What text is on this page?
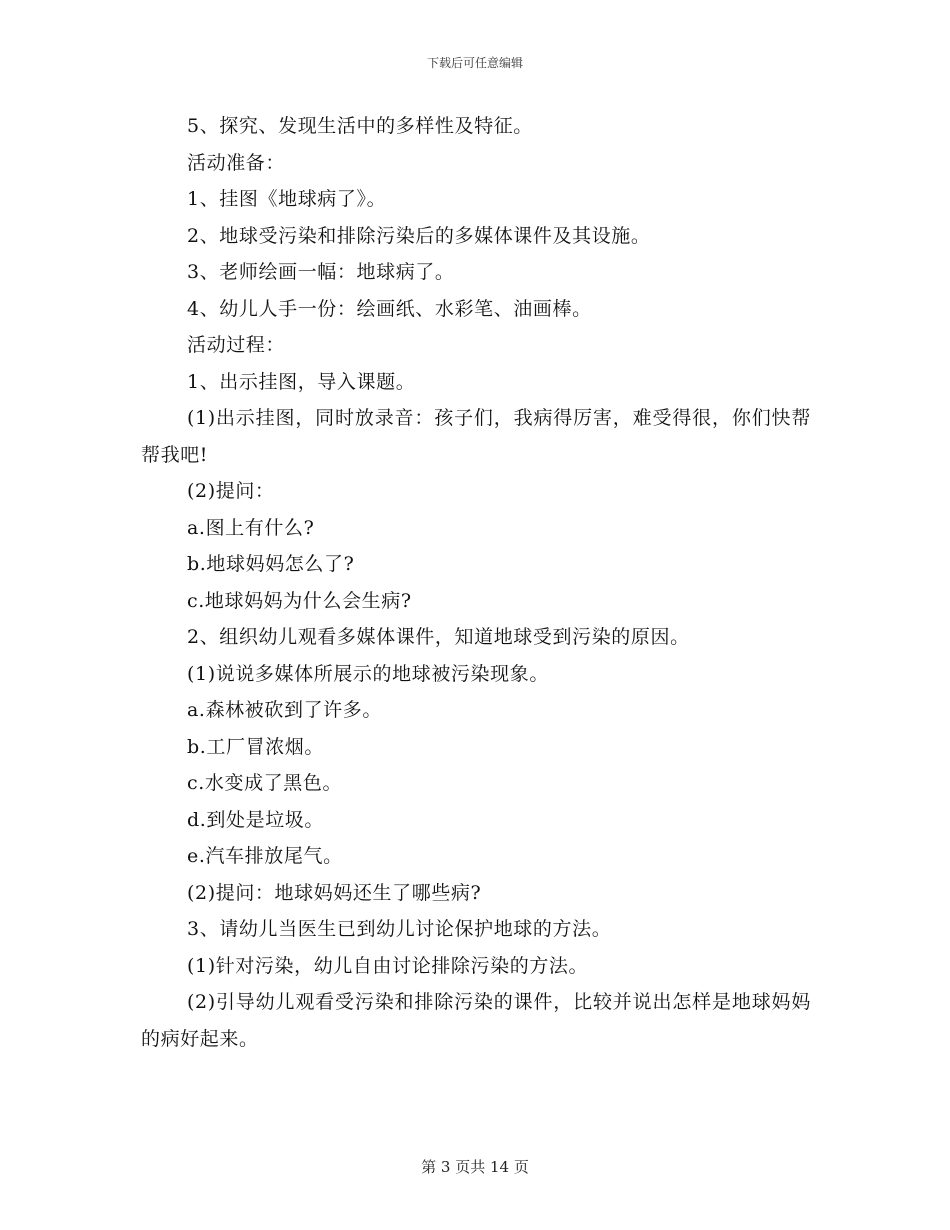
下载后可任意编辑
5、探究、发现生活中的多样性及特征。
活动准备：
1、挂图《地球病了》。
2、地球受污染和排除污染后的多媒体课件及其设施。
3、老师绘画一幅：地球病了。
4、幼儿人手一份：绘画纸、水彩笔、油画棒。
活动过程：
1、出示挂图，导入课题。
(1)出示挂图，同时放录音：孩子们，我病得厉害，难受得很，你们快帮帮我吧!
(2)提问：
a.图上有什么?
b.地球妈妈怎么了?
c.地球妈妈为什么会生病?
2、组织幼儿观看多媒体课件，知道地球受到污染的原因。
(1)说说多媒体所展示的地球被污染现象。
a.森林被砍到了许多。
b.工厂冒浓烟。
c.水变成了黑色。
d.到处是垃圾。
e.汽车排放尾气。
(2)提问：地球妈妈还生了哪些病?
3、请幼儿当医生已到幼儿讨论保护地球的方法。
(1)针对污染，幼儿自由讨论排除污染的方法。
(2)引导幼儿观看受污染和排除污染的课件，比较并说出怎样是地球妈妈的病好起来。
第 3 页共 14 页
